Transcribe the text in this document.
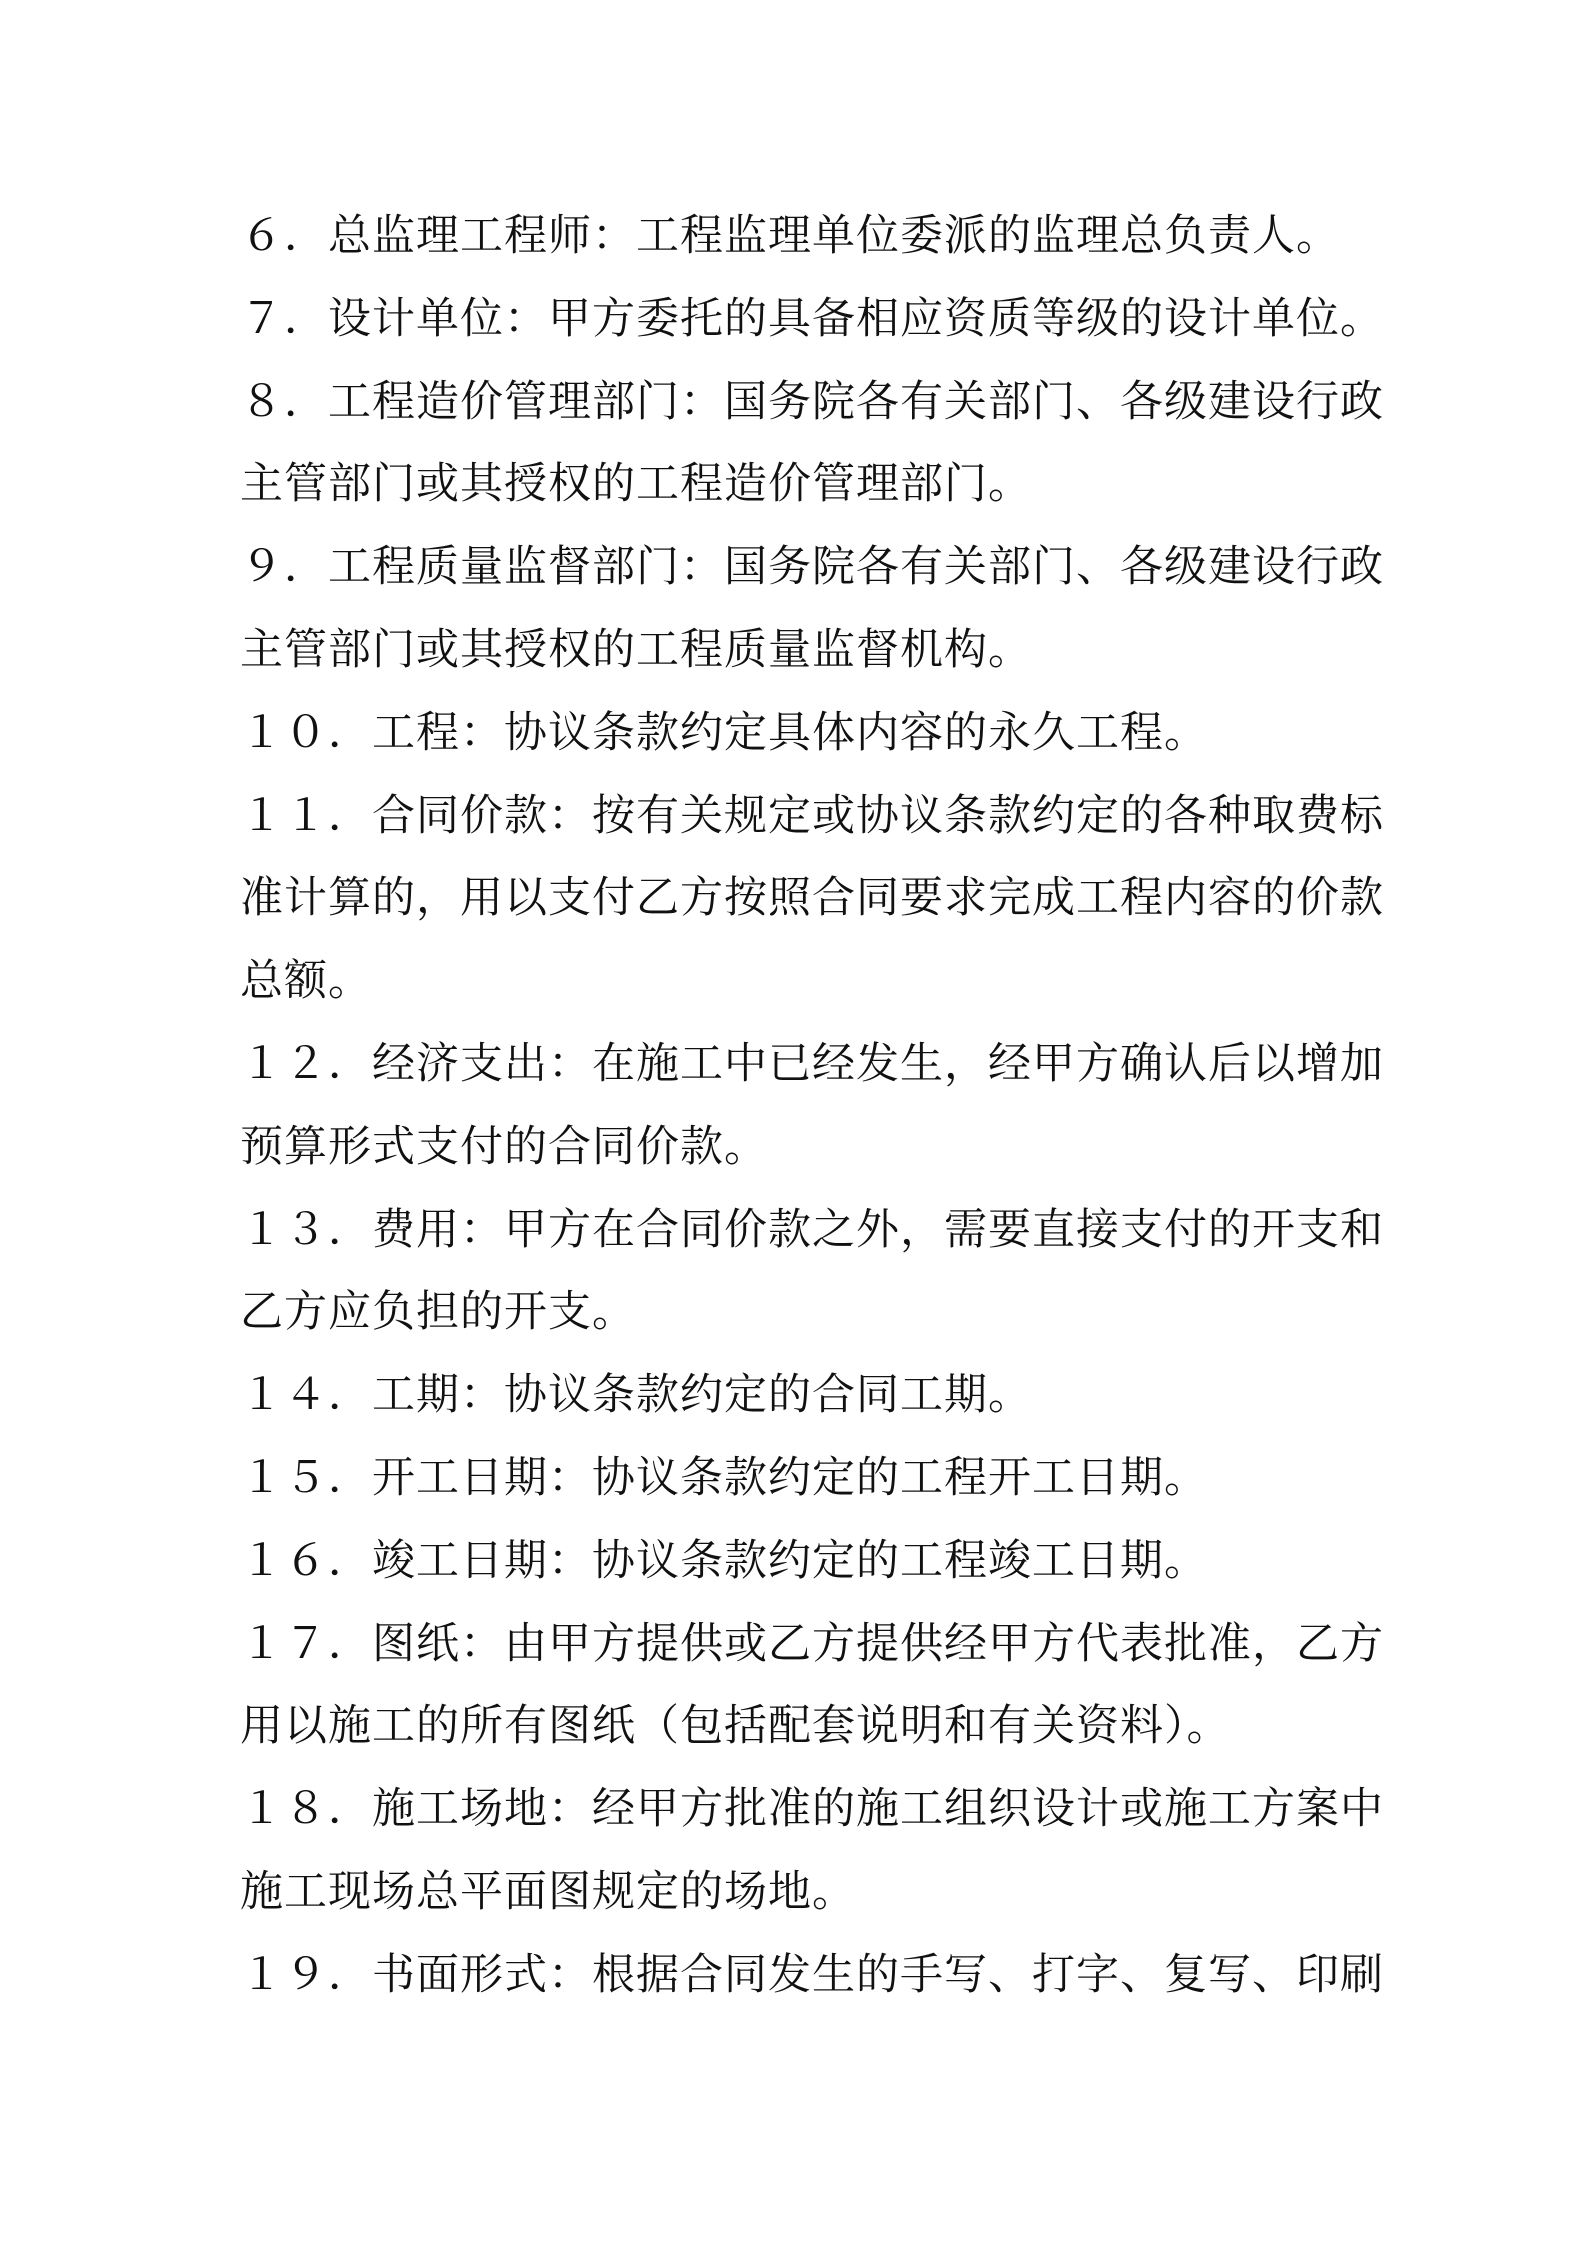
６．总监理工程师：工程监理单位委派的监理总负责人。
７．设计单位：甲方委托的具备相应资质等级的设计单位。
８．工程造价管理部门：国务院各有关部门、各级建设行政
主管部门或其授权的工程造价管理部门。
９．工程质量监督部门：国务院各有关部门、各级建设行政
主管部门或其授权的工程质量监督机构。
１０．工程：协议条款约定具体内容的永久工程。
１１．合同价款：按有关规定或协议条款约定的各种取费标
准计算的，用以支付乙方按照合同要求完成工程内容的价款
总额。
１２．经济支出：在施工中已经发生，经甲方确认后以增加
预算形式支付的合同价款。
１３．费用：甲方在合同价款之外，需要直接支付的开支和
乙方应负担的开支。
１４．工期：协议条款约定的合同工期。
１５．开工日期：协议条款约定的工程开工日期。
１６．竣工日期：协议条款约定的工程竣工日期。
１７．图纸：由甲方提供或乙方提供经甲方代表批准，乙方
用以施工的所有图纸（包括配套说明和有关资料）。
１８．施工场地：经甲方批准的施工组织设计或施工方案中
施工现场总平面图规定的场地。
１９．书面形式：根据合同发生的手写、打字、复写、印刷
